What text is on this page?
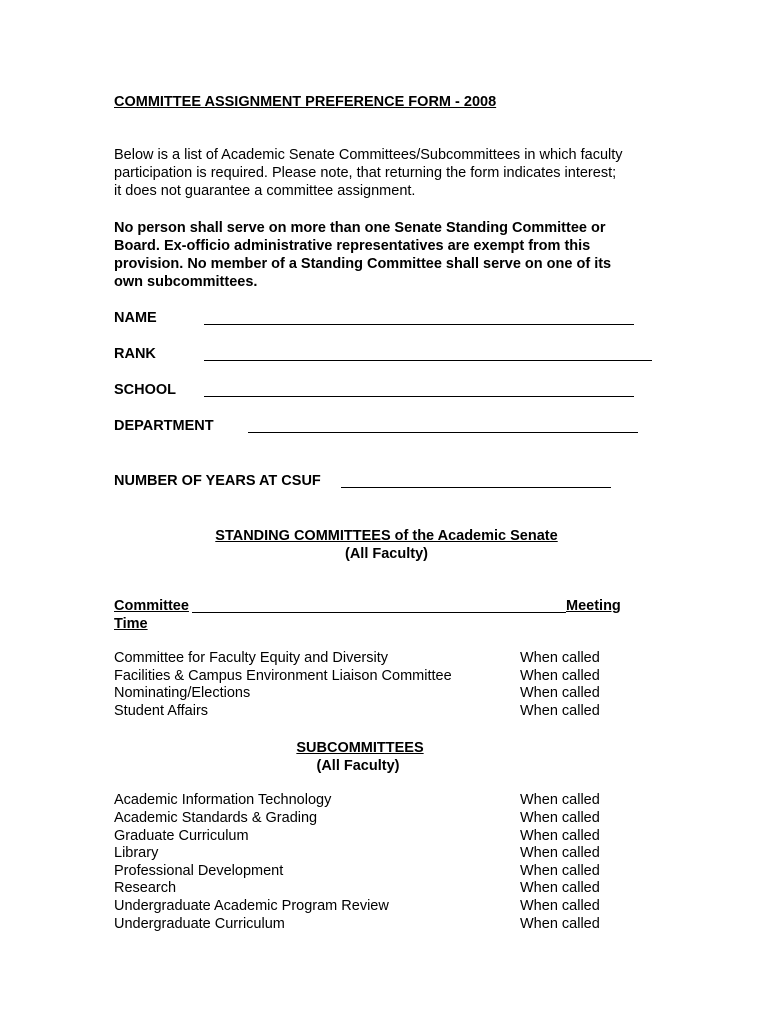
COMMITTEE ASSIGNMENT PREFERENCE FORM - 2008
Below is a list of Academic Senate Committees/Subcommittees in which faculty
participation is required. Please note, that returning the form indicates interest;
it does not guarantee a committee assignment.
No person shall serve on more than one Senate Standing Committee or
Board. Ex-officio administrative representatives are exempt from this
provision. No member of a Standing Committee shall serve on one of its
own subcommittees.
NAME
RANK
SCHOOL
DEPARTMENT
NUMBER OF YEARS AT CSUF
STANDING COMMITTEES of the Academic Senate
(All Faculty)
Committee	Meeting
Time
Committee for Faculty Equity and Diversity	When called
Facilities & Campus Environment Liaison Committee	When called
Nominating/Elections	When called
Student Affairs	When called
SUBCOMMITTEES
(All Faculty)
Academic Information Technology	When called
Academic Standards & Grading	When called
Graduate Curriculum	When called
Library	When called
Professional Development	When called
Research	When called
Undergraduate Academic Program Review	When called
Undergraduate Curriculum	When called
